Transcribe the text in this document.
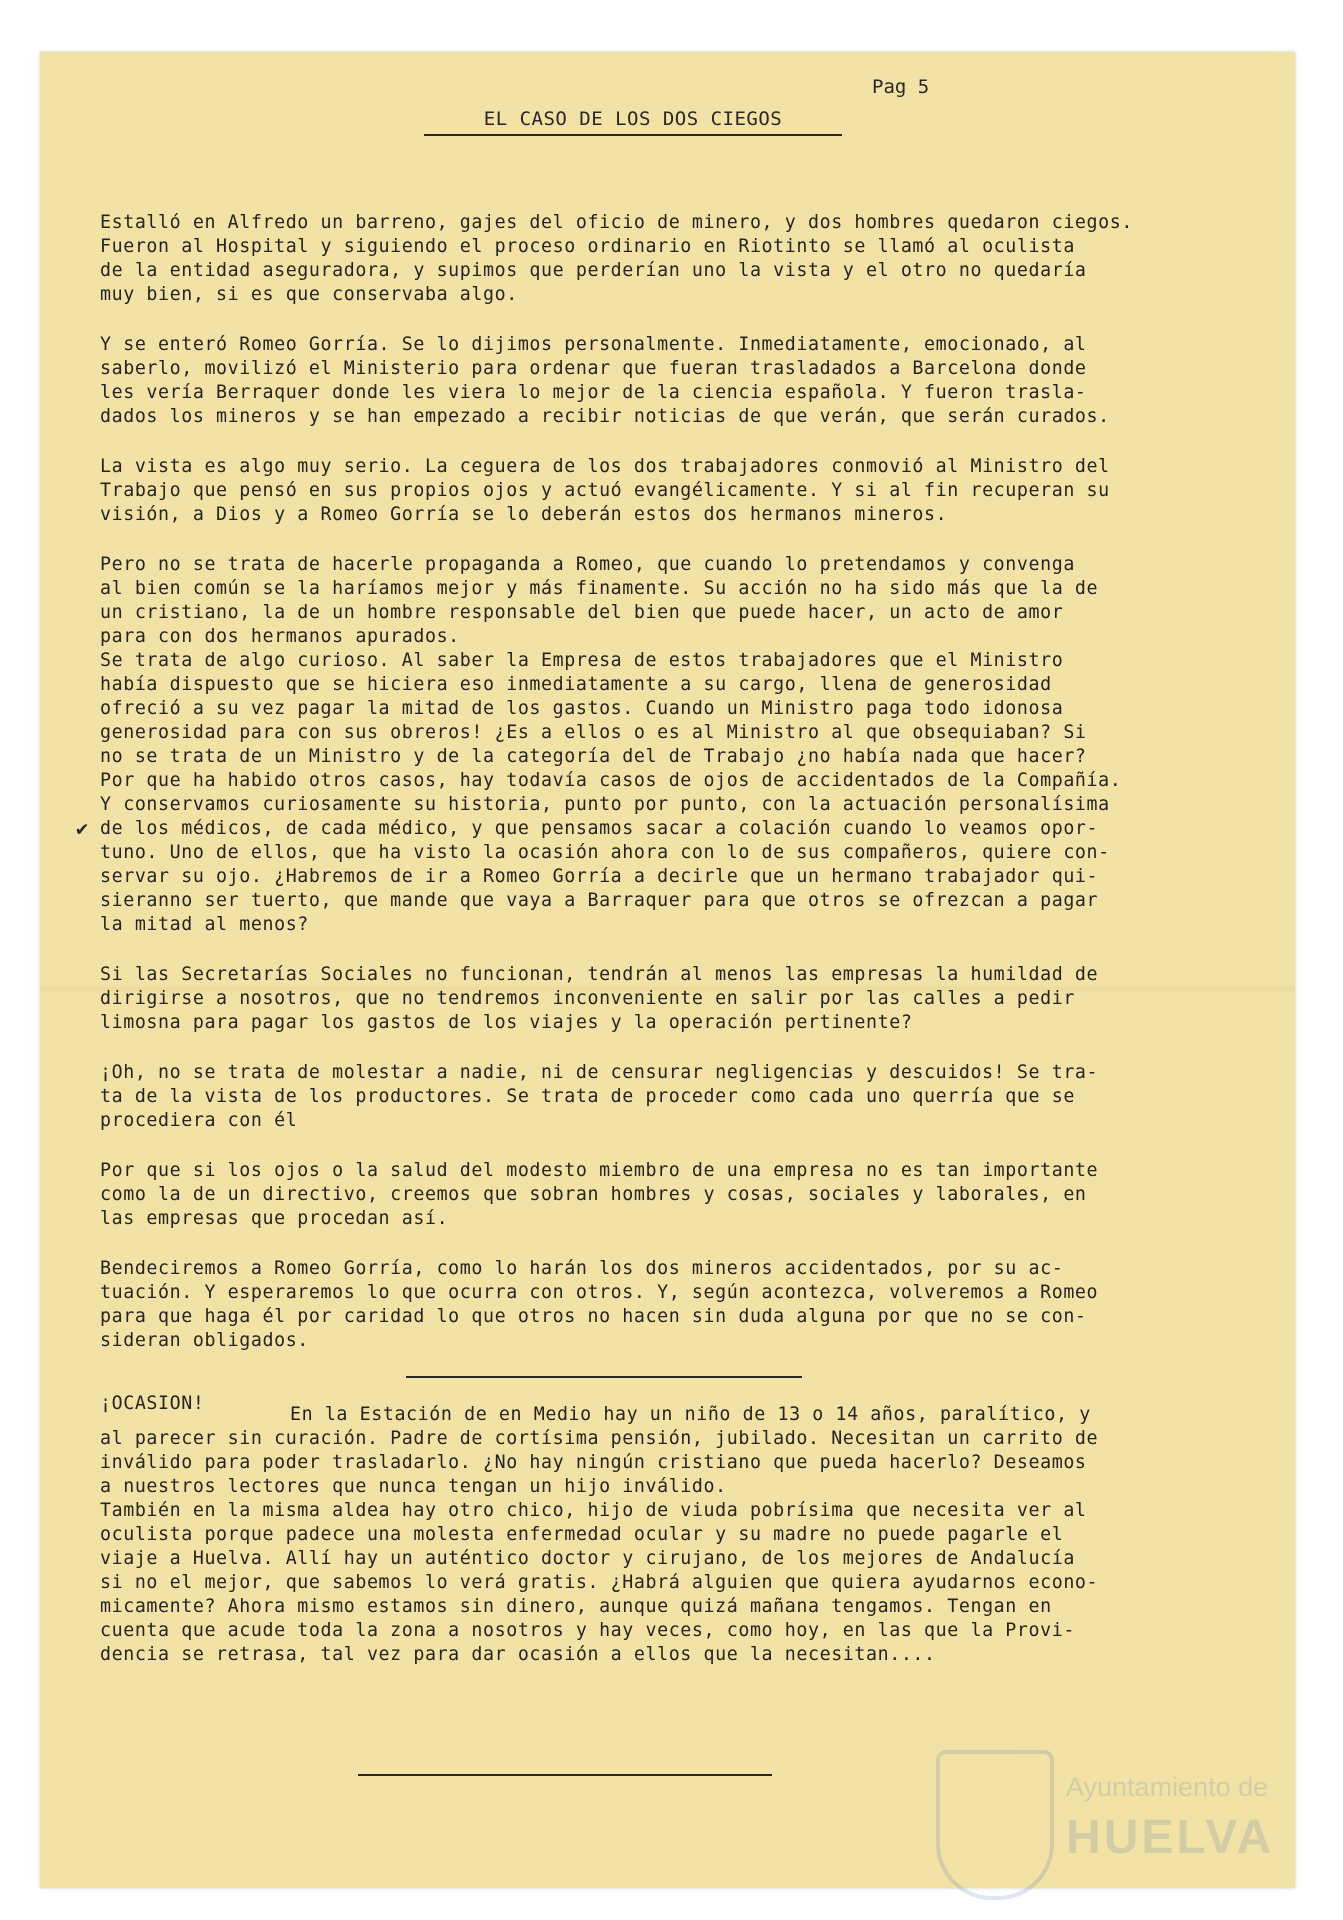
Pag 5
EL CASO DE LOS DOS CIEGOS
Estalló en Alfredo un barreno, gajes del oficio de minero, y dos hombres quedaron ciegos.
Fueron al Hospital y siguiendo el proceso ordinario en Riotinto se llamó al oculista
de la entidad aseguradora, y supimos que perderían uno la vista y el otro no quedaría
muy bien, si es que conservaba algo.
Y se enteró Romeo Gorría. Se lo dijimos personalmente. Inmediatamente, emocionado, al
saberlo, movilizó el Ministerio para ordenar que fueran trasladados a Barcelona donde
les vería Berraquer donde les viera lo mejor de la ciencia española. Y fueron trasla-
dados los mineros y se han empezado a recibir noticias de que verán, que serán curados.
La vista es algo muy serio. La ceguera de los dos trabajadores conmovió al Ministro del
Trabajo que pensó en sus propios ojos y actuó evangélicamente. Y si al fin recuperan su
visión, a Dios y a Romeo Gorría se lo deberán estos dos hermanos mineros.
Pero no se trata de hacerle propaganda a Romeo, que cuando lo pretendamos y convenga
al bien común se la haríamos mejor y más finamente. Su acción no ha sido más que la de
un cristiano, la de un hombre responsable del bien que puede hacer, un acto de amor
para con dos hermanos apurados.
Se trata de algo curioso. Al saber la Empresa de estos trabajadores que el Ministro
había dispuesto que se hiciera eso inmediatamente a su cargo, llena de generosidad
ofreció a su vez pagar la mitad de los gastos. Cuando un Ministro paga todo idonosa
generosidad para con sus obreros! ¿Es a ellos o es al Ministro al que obsequiaban? Si
no se trata de un Ministro y de la categoría del de Trabajo ¿no había nada que hacer?
Por que ha habido otros casos, hay todavía casos de ojos de accidentados de la Compañía.
Y conservamos curiosamente su historia, punto por punto, con la actuación personalísima
✔ de los médicos, de cada médico, y que pensamos sacar a colación cuando lo veamos opor-
tuno. Uno de ellos, que ha visto la ocasión ahora con lo de sus compañeros, quiere con-
servar su ojo. ¿Habremos de ir a Romeo Gorría a decirle que un hermano trabajador qui-
sieranno ser tuerto, que mande que vaya a Barraquer para que otros se ofrezcan a pagar
la mitad al menos?
Si las Secretarías Sociales no funcionan, tendrán al menos las empresas la humildad de
dirigirse a nosotros, que no tendremos inconveniente en salir por las calles a pedir
limosna para pagar los gastos de los viajes y la operación pertinente?
¡Oh, no se trata de molestar a nadie, ni de censurar negligencias y descuidos! Se tra-
ta de la vista de los productores. Se trata de proceder como cada uno querría que se
procediera con él
Por que si los ojos o la salud del modesto miembro de una empresa no es tan importante
como la de un directivo, creemos que sobran hombres y cosas, sociales y laborales, en
las empresas que procedan así.
Bendeciremos a Romeo Gorría, como lo harán los dos mineros accidentados, por su ac-
tuación. Y esperaremos lo que ocurra con otros. Y, según acontezca, volveremos a Romeo
para que haga él por caridad lo que otros no hacen sin duda alguna por que no se con-
sideran obligados.
¡OCASION!
En la Estación de en Medio hay un niño de 13 o 14 años, paralítico, y
al parecer sin curación. Padre de cortísima pensión, jubilado. Necesitan un carrito de
inválido para poder trasladarlo. ¿No hay ningún cristiano que pueda hacerlo? Deseamos
a nuestros lectores que nunca tengan un hijo inválido.
También en la misma aldea hay otro chico, hijo de viuda pobrísima que necesita ver al
oculista porque padece una molesta enfermedad ocular y su madre no puede pagarle el
viaje a Huelva. Allí hay un auténtico doctor y cirujano, de los mejores de Andalucía
si no el mejor, que sabemos lo verá gratis. ¿Habrá alguien que quiera ayudarnos econo-
micamente? Ahora mismo estamos sin dinero, aunque quizá mañana tengamos. Tengan en
cuenta que acude toda la zona a nosotros y hay veces, como hoy, en las que la Provi-
dencia se retrasa, tal vez para dar ocasión a ellos que la necesitan....
Ayuntamiento de
HUELVA
